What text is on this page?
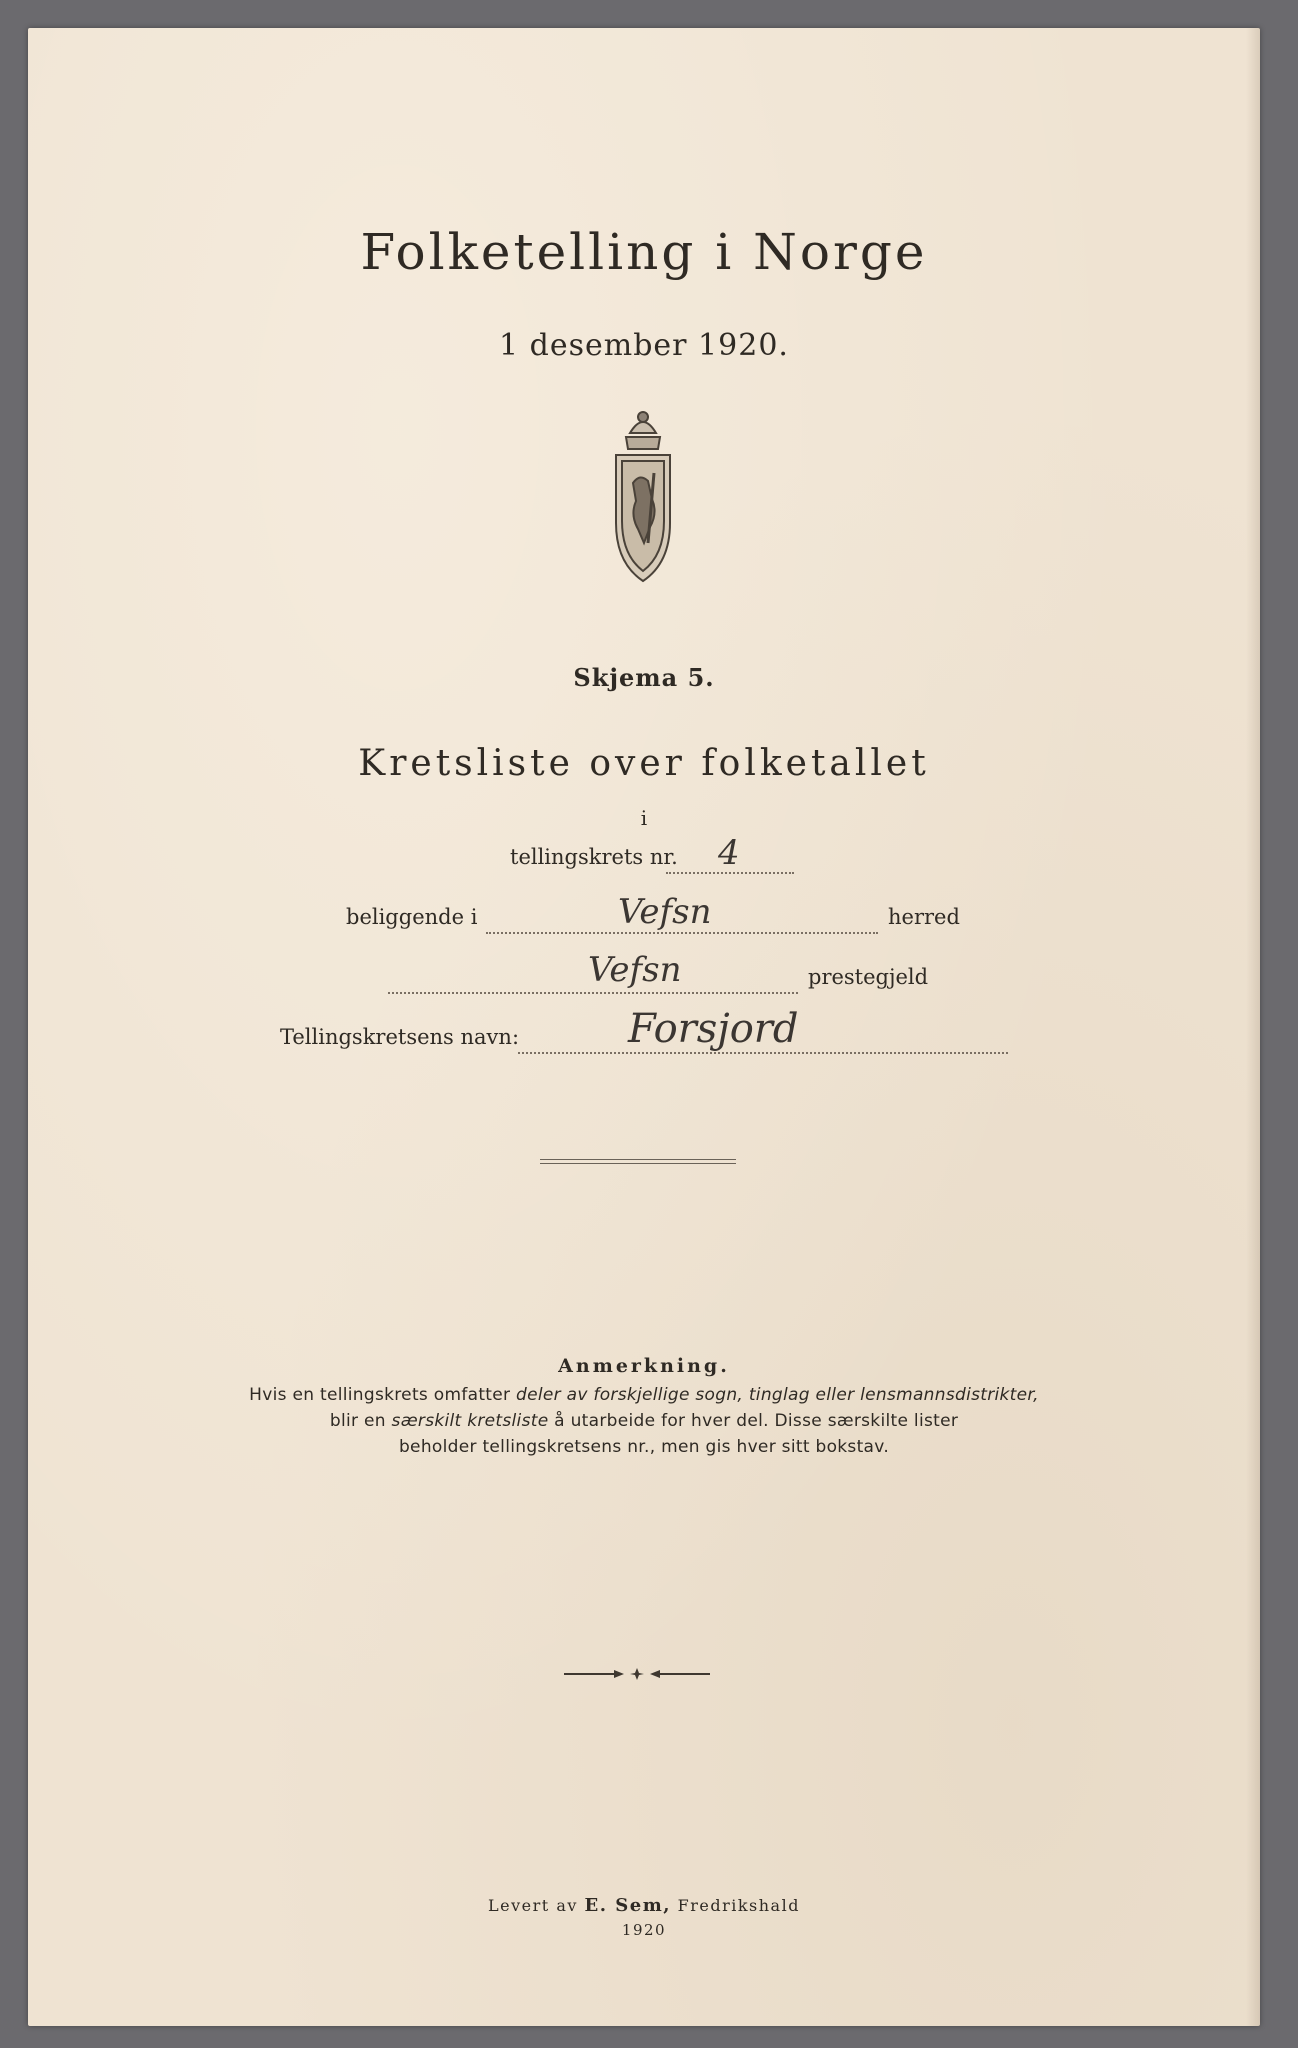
Folketelling i Norge
1 desember 1920.
Skjema 5.
Kretsliste over folketallet
i
tellingskrets nr. 4
beliggende i	Vefsn	herred
Vefsn	prestegjeld
Tellingskretsens navn:	Forsjord
Anmerkning.
Hvis en tellingskrets omfatter deler av forskjellige sogn, tinglag eller lensmannsdistrikter,
blir en særskilt kretsliste å utarbeide for hver del. Disse særskilte lister
beholder tellingskretsens nr., men gis hver sitt bokstav.
Levert av E. Sem, Fredrikshald
1920
